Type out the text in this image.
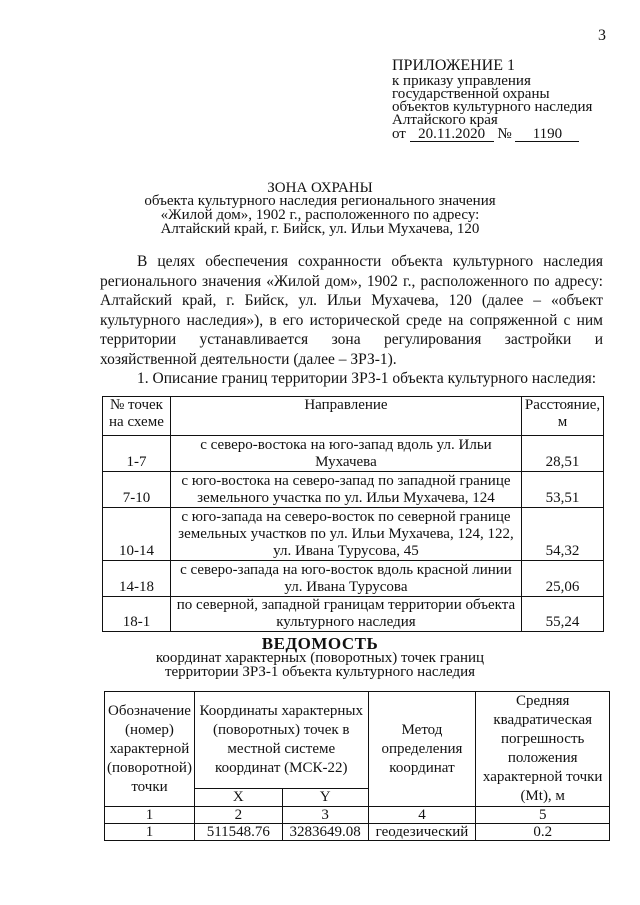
3
ПРИЛОЖЕНИЕ 1
к приказу управления
государственной охраны
объектов культурного наследия
Алтайского края
от 20.11.2020 № 1190
ЗОНА ОХРАНЫ
объекта культурного наследия регионального значения
«Жилой дом», 1902 г., расположенного по адресу:
Алтайский край, г. Бийск, ул. Ильи Мухачева, 120

В целях обеспечения сохранности объекта культурного наследия регионального значения «Жилой дом», 1902 г., расположенного по адресу: Алтайский край, г. Бийск, ул. Ильи Мухачева, 120 (далее – «объект культурного наследия»), в его исторической среде на сопряженной с ним территории устанавливается зона регулирования застройки и хозяйственной деятельности (далее – ЗРЗ-1).

1. Описание границ территории ЗРЗ-1 объекта культурного наследия:

№ точек на схеме	Направление	Расстояние, м
1-7	с северо-востока на юго-запад вдоль ул. Ильи Мухачева	28,51
7-10	с юго-востока на северо-запад по западной границе земельного участка по ул. Ильи Мухачева, 124	53,51
10-14	с юго-запада на северо-восток по северной границе земельных участков по ул. Ильи Мухачева, 124, 122, ул. Ивана Турусова, 45	54,32
14-18	с северо-запада на юго-восток вдоль красной линии ул. Ивана Турусова	25,06
18-1	по северной, западной границам территории объекта культурного наследия	55,24
ВЕДОМОСТЬ
координат характерных (поворотных) точек границ
территории ЗРЗ-1 объекта культурного наследия
Обозначение (номер) характерной (поворотной) точки	Координаты характерных (поворотных) точек в местной системе координат (МСК-22)		Метод определения координат	Средняя квадратическая погрешность положения характерной точки (Mt), м
	X	Y		
1	2	3	4	5
1	511548.76	3283649.08	геодезический	0.2
